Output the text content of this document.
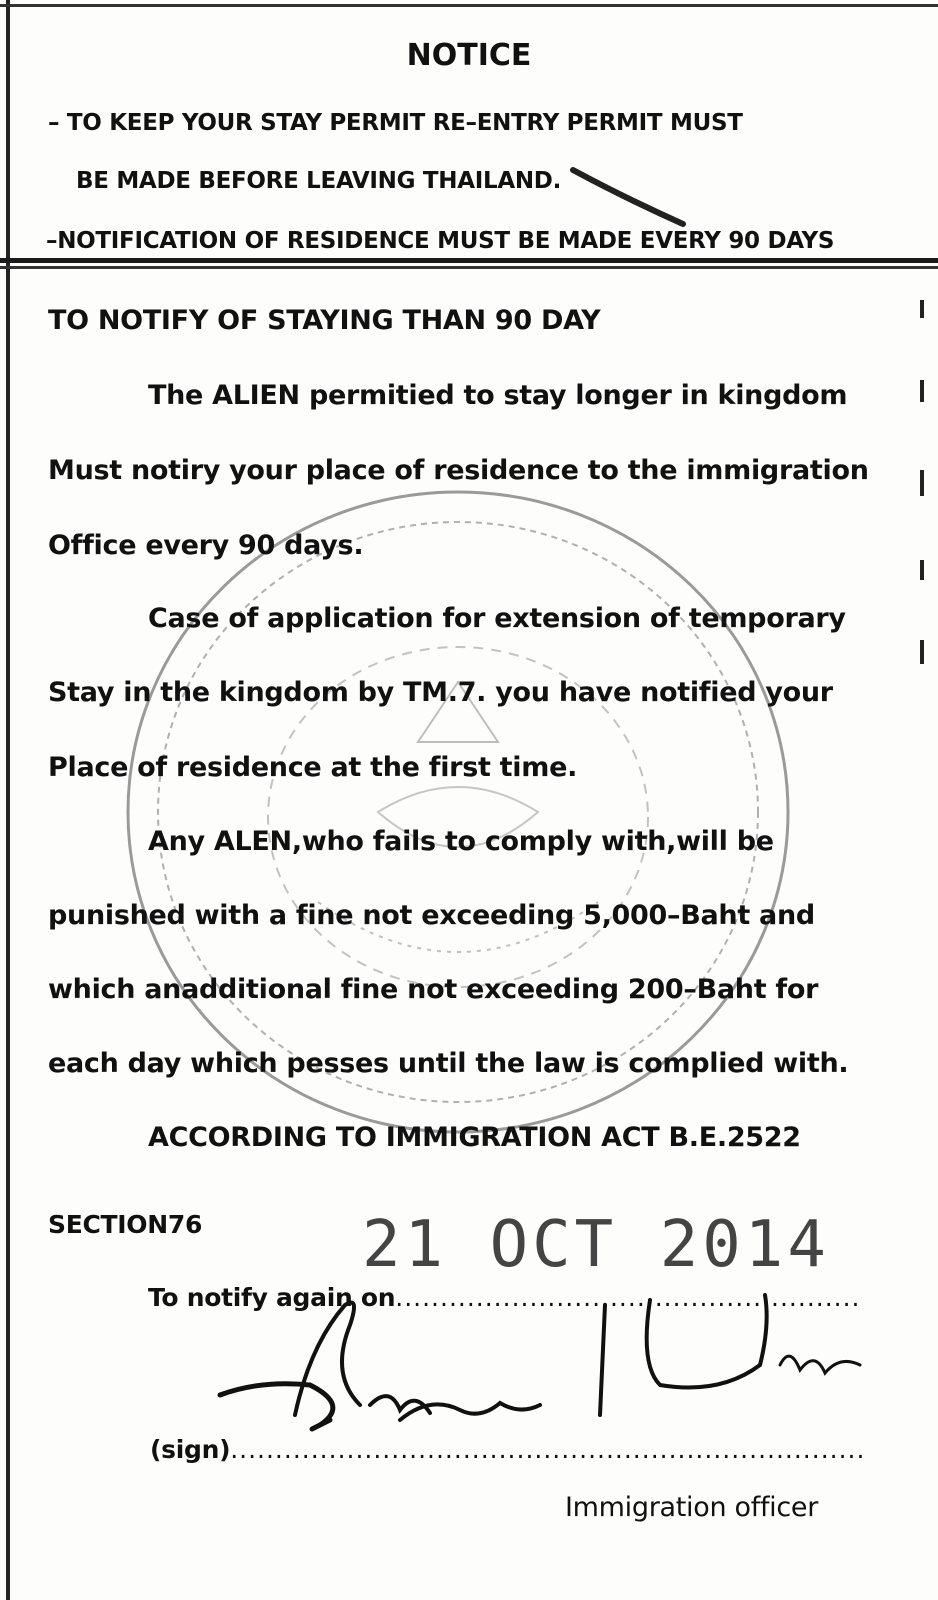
NOTICE
– TO KEEP YOUR STAY PERMIT RE–ENTRY PERMIT MUST
BE MADE BEFORE LEAVING THAILAND.
–NOTIFICATION OF RESIDENCE MUST BE MADE EVERY 90 DAYS
TO NOTIFY OF STAYING THAN 90 DAY
The ALIEN permitied to stay longer in kingdom
Must notiry your place of residence to the immigration
Office every 90 days.
Case of application for extension of temporary
Stay in the kingdom by TM.7. you have notified your
Place of residence at the first time.
Any ALEN,who fails to comply with,will be
punished with a fine not exceeding 5,000–Baht and
which anadditional fine not exceeding 200–Baht for
each day which pesses until the law is complied with.
ACCORDING TO IMMIGRATION ACT B.E.2522
SECTION76 21 OCT 2014
To notify again on....................................................
(sign).......................................................................
Immigration officer
